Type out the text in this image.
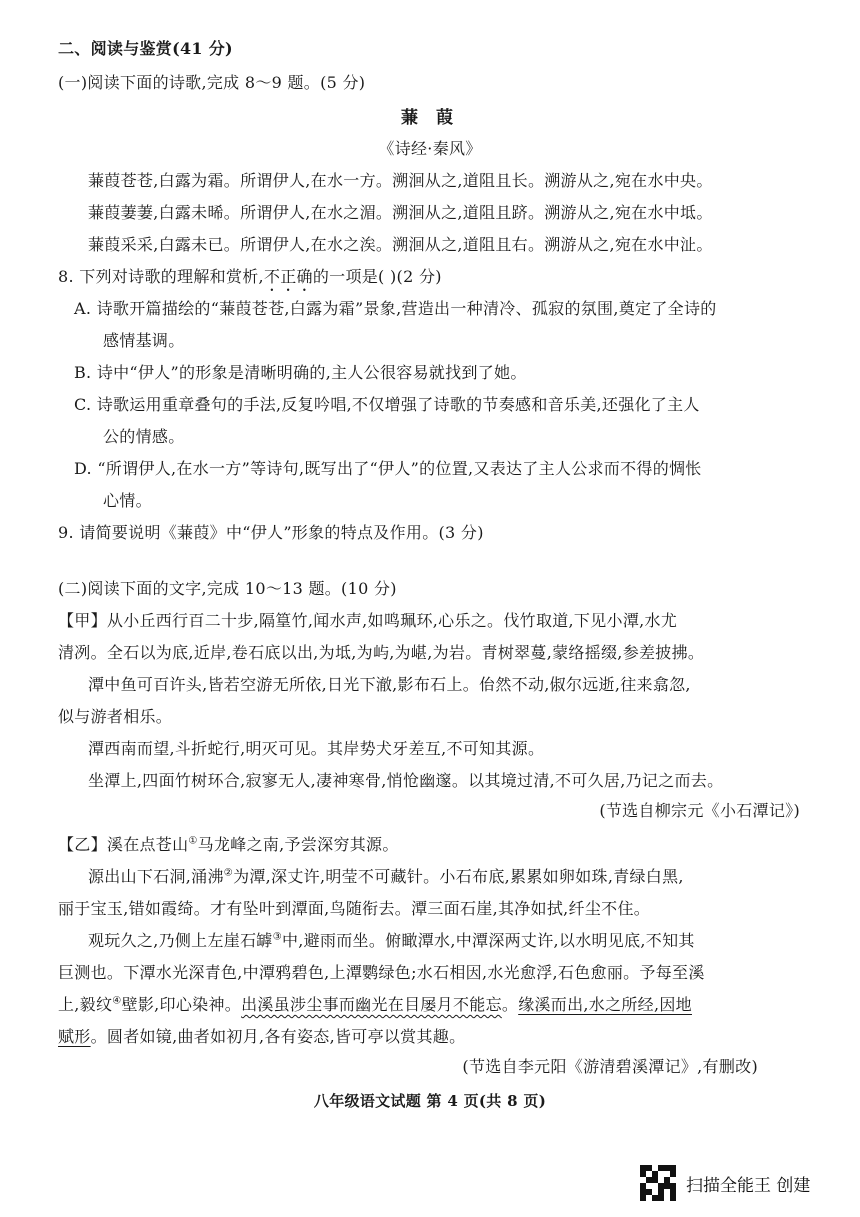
二、阅读与鉴赏(41 分)
(一)阅读下面的诗歌,完成 8～9 题。(5 分)
蒹 葭
《诗经·秦风》
蒹葭苍苍,白露为霜。所谓伊人,在水一方。溯洄从之,道阻且长。溯游从之,宛在水中央。
蒹葭萋萋,白露未晞。所谓伊人,在水之湄。溯洄从之,道阻且跻。溯游从之,宛在水中坻。
蒹葭采采,白露未已。所谓伊人,在水之涘。溯洄从之,道阻且右。溯游从之,宛在水中沚。
8. 下列对诗歌的理解和赏析,不正确的一项是( )(2 分)
A. 诗歌开篇描绘的“蒹葭苍苍,白露为霜”景象,营造出一种清冷、孤寂的氛围,奠定了全诗的
感情基调。
B. 诗中“伊人”的形象是清晰明确的,主人公很容易就找到了她。
C. 诗歌运用重章叠句的手法,反复吟唱,不仅增强了诗歌的节奏感和音乐美,还强化了主人
公的情感。
D. “所谓伊人,在水一方”等诗句,既写出了“伊人”的位置,又表达了主人公求而不得的惆怅
心情。
9. 请简要说明《蒹葭》中“伊人”形象的特点及作用。(3 分)
(二)阅读下面的文字,完成 10～13 题。(10 分)
【甲】从小丘西行百二十步,隔篁竹,闻水声,如鸣珮环,心乐之。伐竹取道,下见小潭,水尤
清冽。全石以为底,近岸,卷石底以出,为坻,为屿,为嵁,为岩。青树翠蔓,蒙络摇缀,参差披拂。
潭中鱼可百许头,皆若空游无所依,日光下澈,影布石上。佁然不动,俶尔远逝,往来翕忽,
似与游者相乐。
潭西南而望,斗折蛇行,明灭可见。其岸势犬牙差互,不可知其源。
坐潭上,四面竹树环合,寂寥无人,凄神寒骨,悄怆幽邃。以其境过清,不可久居,乃记之而去。
(节选自柳宗元《小石潭记》)
【乙】溪在点苍山①马龙峰之南,予尝深穷其源。
源出山下石洞,涌沸②为潭,深丈许,明莹不可藏针。小石布底,累累如卵如珠,青绿白黑,
丽于宝玉,错如霞绮。才有坠叶到潭面,鸟随衔去。潭三面石崖,其净如拭,纤尘不住。
观玩久之,乃侧上左崖石罅③中,避雨而坐。俯瞰潭水,中潭深两丈许,以水明见底,不知其
巨测也。下潭水光深青色,中潭鸦碧色,上潭鹦绿色;水石相因,水光愈浮,石色愈丽。予每至溪
上,毅纹④壁影,印心染神。出溪虽涉尘事而幽光在目屡月不能忘。缘溪而出,水之所经,因地
赋形。圆者如镜,曲者如初月,各有姿态,皆可亭以赏其趣。
(节选自李元阳《游清碧溪潭记》,有删改)
八年级语文试题 第 4 页(共 8 页)
扫描全能王 创建
